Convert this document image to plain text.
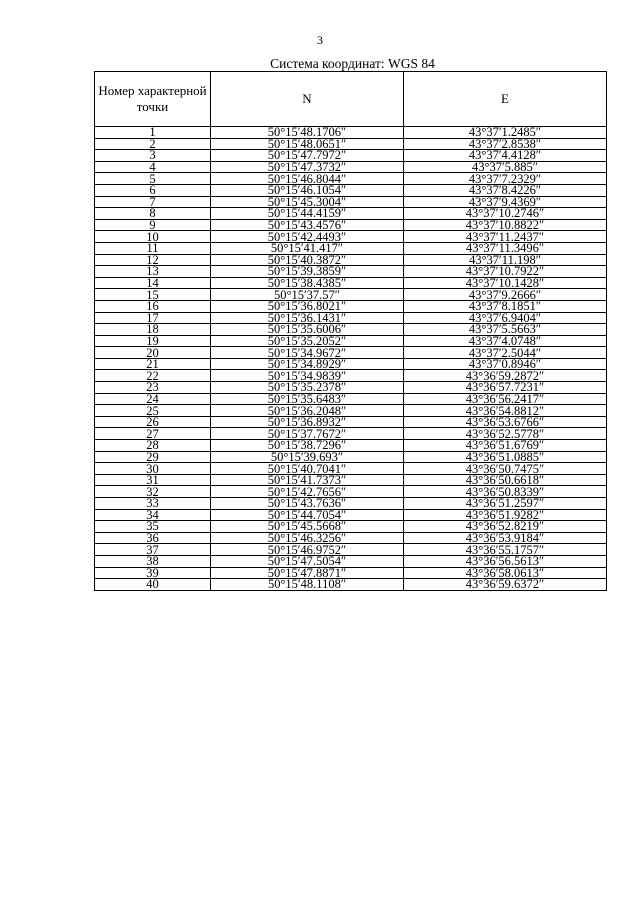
3
Система координат: WGS 84
Номер характерной точки	N	E
1	50°15′48.1706″	43°37′1.2485″
2	50°15′48.0651″	43°37′2.8538″
3	50°15′47.7972″	43°37′4.4128″
4	50°15′47.3732″	43°37′5.885″
5	50°15′46.8044″	43°37′7.2329″
6	50°15′46.1054″	43°37′8.4226″
7	50°15′45.3004″	43°37′9.4369″
8	50°15′44.4159″	43°37′10.2746″
9	50°15′43.4576″	43°37′10.8822″
10	50°15′42.4493″	43°37′11.2437″
11	50°15′41.417″	43°37′11.3496″
12	50°15′40.3872″	43°37′11.198″
13	50°15′39.3859″	43°37′10.7922″
14	50°15′38.4385″	43°37′10.1428″
15	50°15′37.57″	43°37′9.2666″
16	50°15′36.8021″	43°37′8.1851″
17	50°15′36.1431″	43°37′6.9404″
18	50°15′35.6006″	43°37′5.5663″
19	50°15′35.2052″	43°37′4.0748″
20	50°15′34.9672″	43°37′2.5044″
21	50°15′34.8929″	43°37′0.8946″
22	50°15′34.9839″	43°36′59.2872″
23	50°15′35.2378″	43°36′57.7231″
24	50°15′35.6483″	43°36′56.2417″
25	50°15′36.2048″	43°36′54.8812″
26	50°15′36.8932″	43°36′53.6766″
27	50°15′37.7672″	43°36′52.5778″
28	50°15′38.7296″	43°36′51.6769″
29	50°15′39.693″	43°36′51.0885″
30	50°15′40.7041″	43°36′50.7475″
31	50°15′41.7373″	43°36′50.6618″
32	50°15′42.7656″	43°36′50.8339″
33	50°15′43.7636″	43°36′51.2597″
34	50°15′44.7054″	43°36′51.9282″
35	50°15′45.5668″	43°36′52.8219″
36	50°15′46.3256″	43°36′53.9184″
37	50°15′46.9752″	43°36′55.1757″
38	50°15′47.5054″	43°36′56.5613″
39	50°15′47.8871″	43°36′58.0613″
40	50°15′48.1108″	43°36′59.6372″
